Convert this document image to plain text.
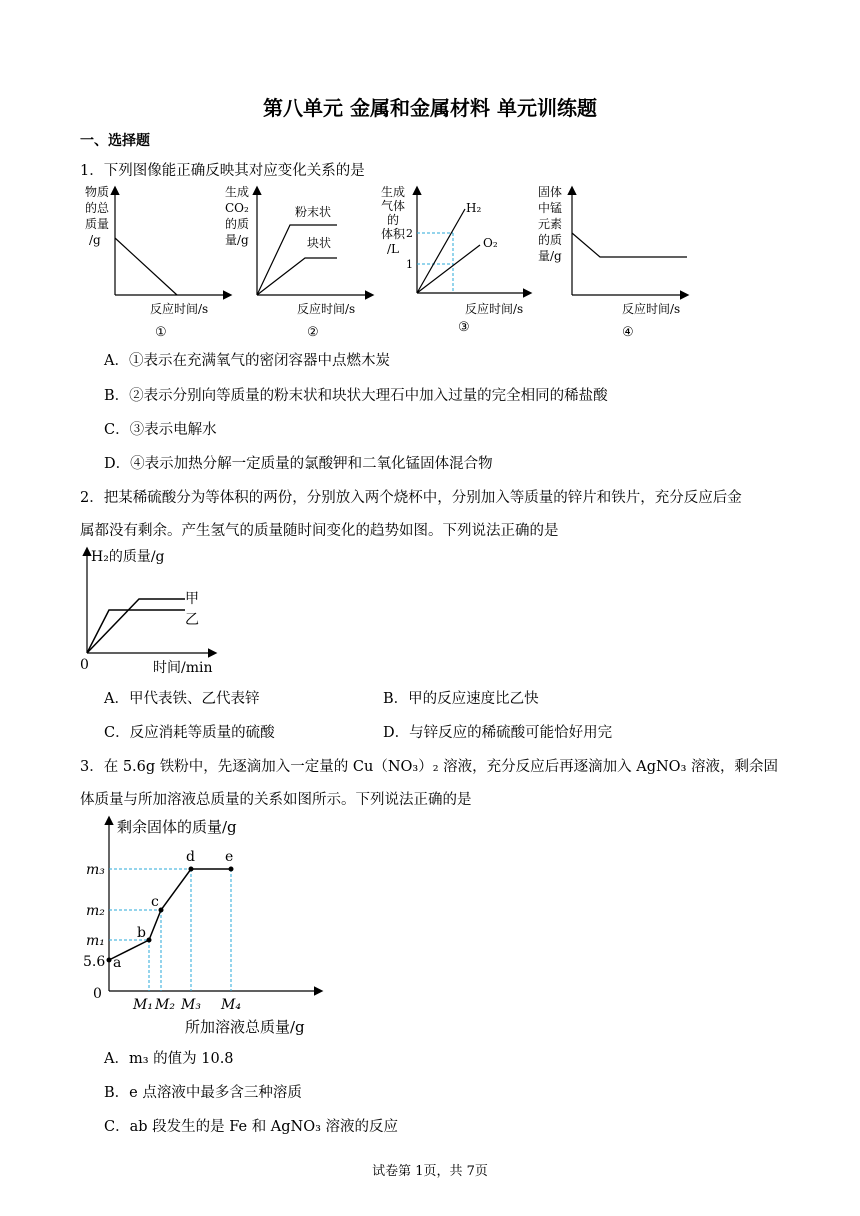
第八单元 金属和金属材料 单元训练题
一、选择题
1．下列图像能正确反映其对应变化关系的是
物质
的总
质量
/g
反应时间/s
①
生成
CO₂
的质
量/g
粉末状
块状
反应时间/s
②
生成
气体
的
体积
/L
2
1
H₂
O₂
反应时间/s
③
固体
中锰
元素
的质
量/g
反应时间/s
④
A．①表示在充满氧气的密闭容器中点燃木炭
B．②表示分别向等质量的粉末状和块状大理石中加入过量的完全相同的稀盐酸
C．③表示电解水
D．④表示加热分解一定质量的氯酸钾和二氧化锰固体混合物
2．把某稀硫酸分为等体积的两份，分别放入两个烧杯中，分别加入等质量的锌片和铁片，充分反应后金
属都没有剩余。产生氢气的质量随时间变化的趋势如图。下列说法正确的是
H₂的质量/g
甲
乙
0	时间/min
A．甲代表铁、乙代表锌	B．甲的反应速度比乙快
C．反应消耗等质量的硫酸	D．与锌反应的稀硫酸可能恰好用完
3．在 5.6g 铁粉中，先逐滴加入一定量的 Cu（NO₃）₂ 溶液，充分反应后再逐滴加入 AgNO₃ 溶液，剩余固
体质量与所加溶液总质量的关系如图所示。下列说法正确的是
剩余固体的质量/g
所加溶液总质量/g
a
b
c
d e
m₃
m₂
m₁
5.6
0
M₁ M₂ M₃ M₄
A．m₃ 的值为 10.8
B．e 点溶液中最多含三种溶质
C．ab 段发生的是 Fe 和 AgNO₃ 溶液的反应
试卷第 1页，共 7页
